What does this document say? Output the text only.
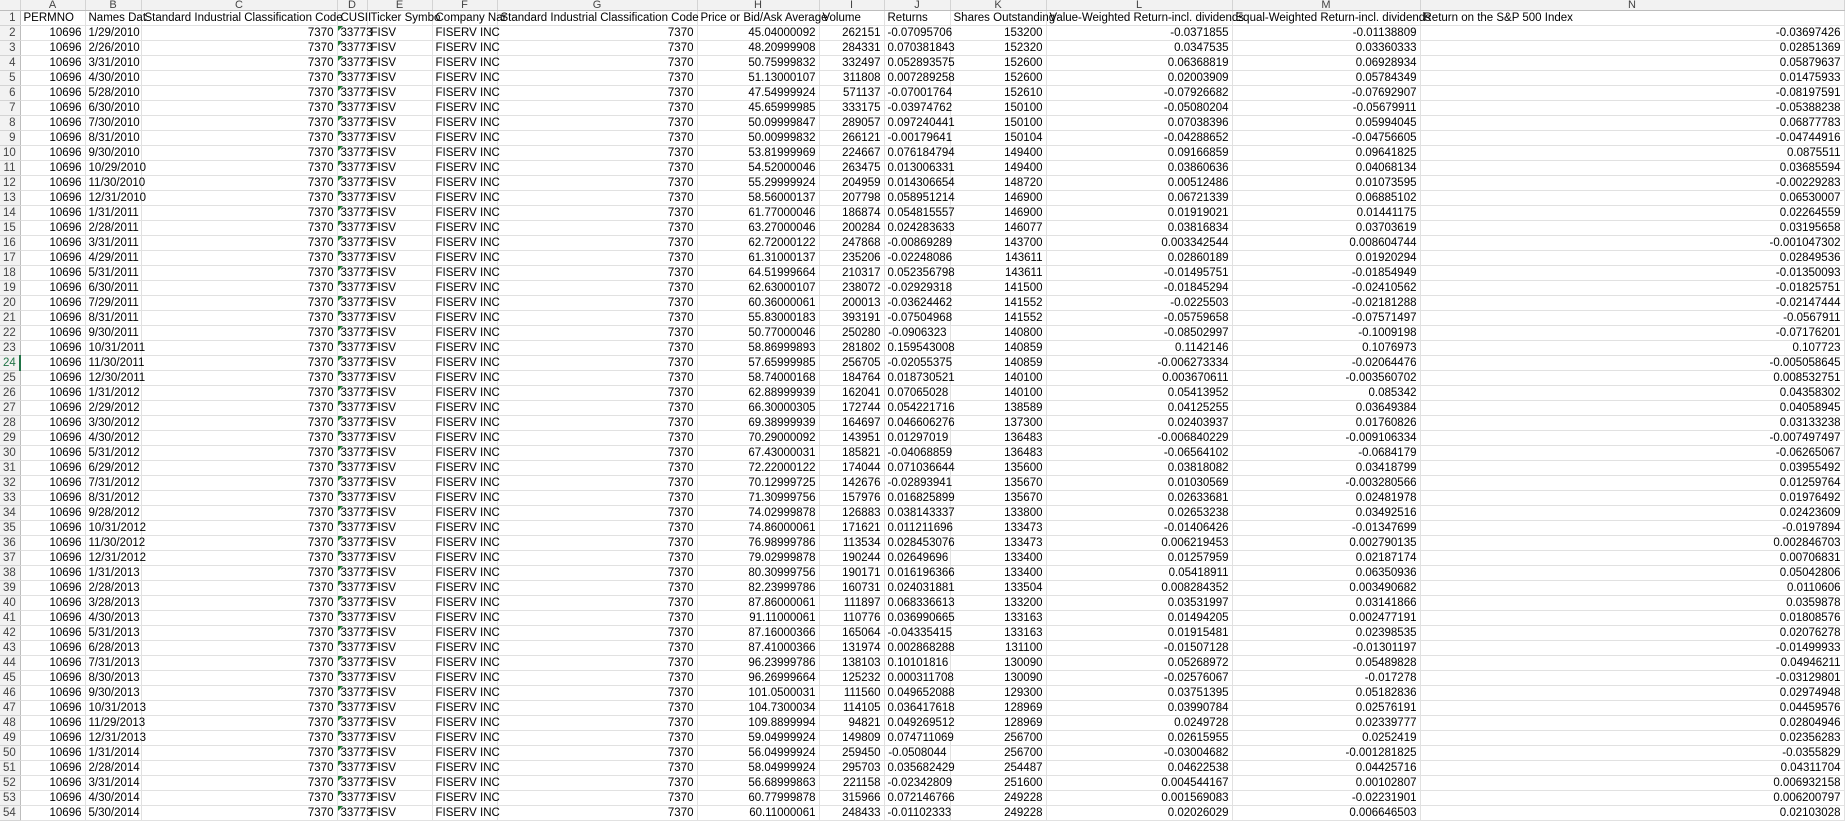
	A	B	C	D	E	F	G	H	I	J	K	L	M	N
1	PERMNO	Names Dat	Standard Industrial Classification Code	CUSII	Ticker Symbo	Company Nar	Standard Industrial Classification Code	Price or Bid/Ask Average	Volume	Returns	Shares Outstanding	Value-Weighted Return-incl. dividends	Equal-Weighted Return-incl. dividends	Return on the S&P 500 Index
2	10696	1/29/2010	7370	33773	FISV	FISERV INC	7370	45.04000092	262151	-0.07095706	153200	-0.0371855	-0.01138809	-0.03697426
3	10696	2/26/2010	7370	33773	FISV	FISERV INC	7370	48.20999908	284331	0.070381843	152320	0.0347535	0.03360333	0.02851369
4	10696	3/31/2010	7370	33773	FISV	FISERV INC	7370	50.75999832	332497	0.052893575	152600	0.06368819	0.06928934	0.05879637
5	10696	4/30/2010	7370	33773	FISV	FISERV INC	7370	51.13000107	311808	0.007289258	152600	0.02003909	0.05784349	0.01475933
6	10696	5/28/2010	7370	33773	FISV	FISERV INC	7370	47.54999924	571137	-0.07001764	152610	-0.07926682	-0.07692907	-0.08197591
7	10696	6/30/2010	7370	33773	FISV	FISERV INC	7370	45.65999985	333175	-0.03974762	150100	-0.05080204	-0.05679911	-0.05388238
8	10696	7/30/2010	7370	33773	FISV	FISERV INC	7370	50.09999847	289057	0.097240441	150100	0.07038396	0.05994045	0.06877783
9	10696	8/31/2010	7370	33773	FISV	FISERV INC	7370	50.00999832	266121	-0.00179641	150104	-0.04288652	-0.04756605	-0.04744916
10	10696	9/30/2010	7370	33773	FISV	FISERV INC	7370	53.81999969	224667	0.076184794	149400	0.09166859	0.09641825	0.0875511
11	10696	10/29/2010	7370	33773	FISV	FISERV INC	7370	54.52000046	263475	0.013006331	149400	0.03860636	0.04068134	0.03685594
12	10696	11/30/2010	7370	33773	FISV	FISERV INC	7370	55.29999924	204959	0.014306654	148720	0.00512486	0.01073595	-0.00229283
13	10696	12/31/2010	7370	33773	FISV	FISERV INC	7370	58.56000137	207798	0.058951214	146900	0.06721339	0.06885102	0.06530007
14	10696	1/31/2011	7370	33773	FISV	FISERV INC	7370	61.77000046	186874	0.054815557	146900	0.01919021	0.01441175	0.02264559
15	10696	2/28/2011	7370	33773	FISV	FISERV INC	7370	63.27000046	200284	0.024283633	146077	0.03816834	0.03703619	0.03195658
16	10696	3/31/2011	7370	33773	FISV	FISERV INC	7370	62.72000122	247868	-0.00869289	143700	0.003342544	0.008604744	-0.001047302
17	10696	4/29/2011	7370	33773	FISV	FISERV INC	7370	61.31000137	235206	-0.02248086	143611	0.02860189	0.01920294	0.02849536
18	10696	5/31/2011	7370	33773	FISV	FISERV INC	7370	64.51999664	210317	0.052356798	143611	-0.01495751	-0.01854949	-0.01350093
19	10696	6/30/2011	7370	33773	FISV	FISERV INC	7370	62.63000107	238072	-0.02929318	141500	-0.01845294	-0.02410562	-0.01825751
20	10696	7/29/2011	7370	33773	FISV	FISERV INC	7370	60.36000061	200013	-0.03624462	141552	-0.0225503	-0.02181288	-0.02147444
21	10696	8/31/2011	7370	33773	FISV	FISERV INC	7370	55.83000183	393191	-0.07504968	141552	-0.05759658	-0.07571497	-0.0567911
22	10696	9/30/2011	7370	33773	FISV	FISERV INC	7370	50.77000046	250280	-0.0906323	140800	-0.08502997	-0.1009198	-0.07176201
23	10696	10/31/2011	7370	33773	FISV	FISERV INC	7370	58.86999893	281802	0.159543008	140859	0.1142146	0.1076973	0.107723
24	10696	11/30/2011	7370	33773	FISV	FISERV INC	7370	57.65999985	256705	-0.02055375	140859	-0.006273334	-0.02064476	-0.005058645
25	10696	12/30/2011	7370	33773	FISV	FISERV INC	7370	58.74000168	184764	0.018730521	140100	0.003670611	-0.003560702	0.008532751
26	10696	1/31/2012	7370	33773	FISV	FISERV INC	7370	62.88999939	162041	0.07065028	140100	0.05413952	0.085342	0.04358302
27	10696	2/29/2012	7370	33773	FISV	FISERV INC	7370	66.30000305	172744	0.054221716	138589	0.04125255	0.03649384	0.04058945
28	10696	3/30/2012	7370	33773	FISV	FISERV INC	7370	69.38999939	164697	0.046606276	137300	0.02403937	0.01760826	0.03133238
29	10696	4/30/2012	7370	33773	FISV	FISERV INC	7370	70.29000092	143951	0.01297019	136483	-0.006840229	-0.009106334	-0.007497497
30	10696	5/31/2012	7370	33773	FISV	FISERV INC	7370	67.43000031	185821	-0.04068859	136483	-0.06564102	-0.0684179	-0.06265067
31	10696	6/29/2012	7370	33773	FISV	FISERV INC	7370	72.22000122	174044	0.071036644	135600	0.03818082	0.03418799	0.03955492
32	10696	7/31/2012	7370	33773	FISV	FISERV INC	7370	70.12999725	142676	-0.02893941	135670	0.01030569	-0.003280566	0.01259764
33	10696	8/31/2012	7370	33773	FISV	FISERV INC	7370	71.30999756	157976	0.016825899	135670	0.02633681	0.02481978	0.01976492
34	10696	9/28/2012	7370	33773	FISV	FISERV INC	7370	74.02999878	126883	0.038143337	133800	0.02653238	0.03492516	0.02423609
35	10696	10/31/2012	7370	33773	FISV	FISERV INC	7370	74.86000061	171621	0.011211696	133473	-0.01406426	-0.01347699	-0.0197894
36	10696	11/30/2012	7370	33773	FISV	FISERV INC	7370	76.98999786	113534	0.028453076	133473	0.006219453	0.002790135	0.002846703
37	10696	12/31/2012	7370	33773	FISV	FISERV INC	7370	79.02999878	190244	0.02649696	133400	0.01257959	0.02187174	0.00706831
38	10696	1/31/2013	7370	33773	FISV	FISERV INC	7370	80.30999756	190171	0.016196366	133400	0.05418911	0.06350936	0.05042806
39	10696	2/28/2013	7370	33773	FISV	FISERV INC	7370	82.23999786	160731	0.024031881	133504	0.008284352	0.003490682	0.0110606
40	10696	3/28/2013	7370	33773	FISV	FISERV INC	7370	87.86000061	111897	0.068336613	133200	0.03531997	0.03141866	0.0359878
41	10696	4/30/2013	7370	33773	FISV	FISERV INC	7370	91.11000061	110776	0.036990665	133163	0.01494205	0.002477191	0.01808576
42	10696	5/31/2013	7370	33773	FISV	FISERV INC	7370	87.16000366	165064	-0.04335415	133163	0.01915481	0.02398535	0.02076278
43	10696	6/28/2013	7370	33773	FISV	FISERV INC	7370	87.41000366	131974	0.002868288	131100	-0.01507128	-0.01301197	-0.01499933
44	10696	7/31/2013	7370	33773	FISV	FISERV INC	7370	96.23999786	138103	0.10101816	130090	0.05268972	0.05489828	0.04946211
45	10696	8/30/2013	7370	33773	FISV	FISERV INC	7370	96.26999664	125232	0.000311708	130090	-0.02576067	-0.017278	-0.03129801
46	10696	9/30/2013	7370	33773	FISV	FISERV INC	7370	101.0500031	111560	0.049652088	129300	0.03751395	0.05182836	0.02974948
47	10696	10/31/2013	7370	33773	FISV	FISERV INC	7370	104.7300034	114105	0.036417618	128969	0.03990784	0.02576191	0.04459576
48	10696	11/29/2013	7370	33773	FISV	FISERV INC	7370	109.8899994	94821	0.049269512	128969	0.0249728	0.02339777	0.02804946
49	10696	12/31/2013	7370	33773	FISV	FISERV INC	7370	59.04999924	149809	0.074711069	256700	0.02615955	0.0252419	0.02356283
50	10696	1/31/2014	7370	33773	FISV	FISERV INC	7370	56.04999924	259450	-0.0508044	256700	-0.03004682	-0.001281825	-0.0355829
51	10696	2/28/2014	7370	33773	FISV	FISERV INC	7370	58.04999924	295703	0.035682429	254487	0.04622538	0.04425716	0.04311704
52	10696	3/31/2014	7370	33773	FISV	FISERV INC	7370	56.68999863	221158	-0.02342809	251600	0.004544167	0.00102807	0.006932158
53	10696	4/30/2014	7370	33773	FISV	FISERV INC	7370	60.77999878	315966	0.072146766	249228	0.001569083	-0.02231901	0.006200797
54	10696	5/30/2014	7370	33773	FISV	FISERV INC	7370	60.11000061	248433	-0.01102333	249228	0.02026029	0.006646503	0.02103028
